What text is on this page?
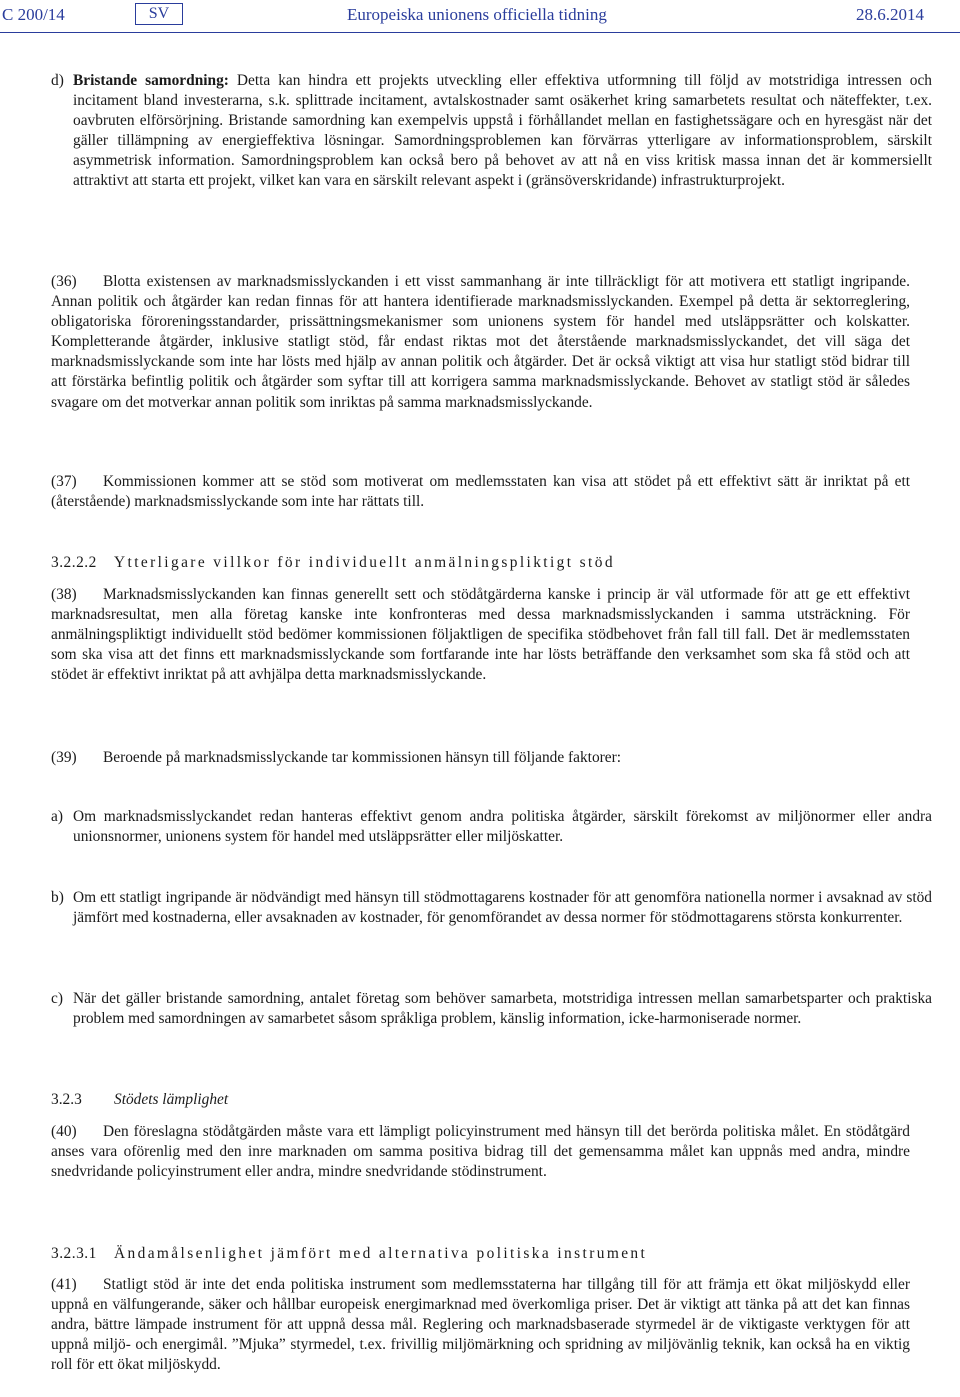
C 200/14	SV	Europeiska unionens officiella tidning	28.6.2014

d) Bristande samordning: Detta kan hindra ett projekts utveckling eller effektiva utformning till följd av motstridiga intressen och incitament bland investerarna, s.k. splittrade incitament, avtalskostnader samt osäkerhet kring samarbetets resultat och näteffekter, t.ex. oavbruten elförsörjning. Bristande samordning kan exempelvis uppstå i förhållandet mellan en fastighetssägare och en hyresgäst när det gäller tillämpning av energieffektiva lösningar. Samordningsproblemen kan förvärras ytterligare av informationsproblem, särskilt asymmetrisk information. Samordningsproblem kan också bero på behovet av att nå en viss kritisk massa innan det är kommersiellt attraktivt att starta ett projekt, vilket kan vara en särskilt relevant aspekt i (gränsöverskridande) infrastrukturprojekt.

(36) Blotta existensen av marknadsmisslyckanden i ett visst sammanhang är inte tillräckligt för att motivera ett statligt ingripande. Annan politik och åtgärder kan redan finnas för att hantera identifierade marknadsmisslyckanden. Exempel på detta är sektorreglering, obligatoriska föroreningsstandarder, prissättningsmekanismer som unionens system för handel med utsläppsrätter och kolskatter. Kompletterande åtgärder, inklusive statligt stöd, får endast riktas mot det återstående marknadsmisslyckandet, det vill säga det marknadsmisslyckande som inte har lösts med hjälp av annan politik och åtgärder. Det är också viktigt att visa hur statligt stöd bidrar till att förstärka befintlig politik och åtgärder som syftar till att korrigera samma marknadsmisslyckande. Behovet av statligt stöd är således svagare om det motverkar annan politik som inriktas på samma marknadsmisslyckande.

(37) Kommissionen kommer att se stöd som motiverat om medlemsstaten kan visa att stödet på ett effektivt sätt är inriktat på ett (återstående) marknadsmisslyckande som inte har rättats till.

3.2.2.2 Ytterligare villkor för individuellt anmälningspliktigt stöd

(38) Marknadsmisslyckanden kan finnas generellt sett och stödåtgärderna kanske i princip är väl utformade för att ge ett effektivt marknadsresultat, men alla företag kanske inte konfronteras med dessa marknadsmisslyckanden i samma utsträckning. För anmälningspliktigt individuellt stöd bedömer kommissionen följaktligen de specifika stödbehovet från fall till fall. Det är medlemsstaten som ska visa att det finns ett marknadsmisslyckande som fortfarande inte har lösts beträffande den verksamhet som ska få stöd och att stödet är effektivt inriktat på att avhjälpa detta marknadsmisslyckande.

(39) Beroende på marknadsmisslyckande tar kommissionen hänsyn till följande faktorer:

a) Om marknadsmisslyckandet redan hanteras effektivt genom andra politiska åtgärder, särskilt förekomst av miljönormer eller andra unionsnormer, unionens system för handel med utsläppsrätter eller miljöskatter.

b) Om ett statligt ingripande är nödvändigt med hänsyn till stödmottagarens kostnader för att genomföra nationella normer i avsaknad av stöd jämfört med kostnaderna, eller avsaknaden av kostnader, för genomförandet av dessa normer för stödmottagarens största konkurrenter.

c) När det gäller bristande samordning, antalet företag som behöver samarbeta, motstridiga intressen mellan samarbetsparter och praktiska problem med samordningen av samarbetet såsom språkliga problem, känslig information, icke-harmoniserade normer.

3.2.3 Stödets lämplighet

(40) Den föreslagna stödåtgärden måste vara ett lämpligt policyinstrument med hänsyn till det berörda politiska målet. En stödåtgärd anses vara oförenlig med den inre marknaden om samma positiva bidrag till det gemensamma målet kan uppnås med andra, mindre snedvridande policyinstrument eller andra, mindre snedvridande stödinstrument.

3.2.3.1 Ändamålsenlighet jämfört med alternativa politiska instrument

(41) Statligt stöd är inte det enda politiska instrument som medlemsstaterna har tillgång till för att främja ett ökat miljöskydd eller uppnå en välfungerande, säker och hållbar europeisk energimarknad med överkomliga priser. Det är viktigt att tänka på att det kan finnas andra, bättre lämpade instrument för att uppnå dessa mål. Reglering och marknadsbaserade styrmedel är de viktigaste verktygen för att uppnå miljö- och energimål. ”Mjuka” styrmedel, t.ex. frivillig miljömärkning och spridning av miljövänlig teknik, kan också ha en viktig roll för ett ökat miljöskydd.
